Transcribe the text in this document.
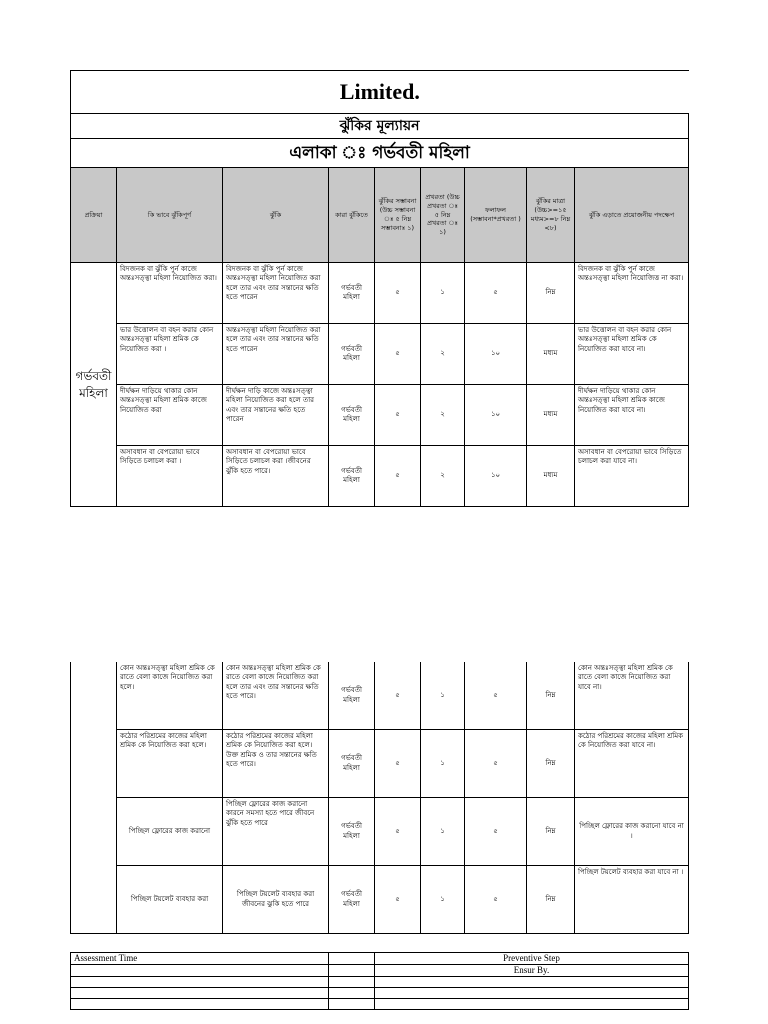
Limited.								
ঝুঁকির মূল্যায়ন								
এলাকা ঃ গর্ভবতী মহিলা								
প্রক্রিয়া	কি ভাবে ঝুঁকিপূর্ণ	ঝুঁকি	কারা ঝুঁকিতে	ঝুঁকির সম্ভাবনা (উচ্চ সম্ভাবনা ঃ ৫ নিম্ন সম্ভাবনাঃ ১)	প্রখরতা (উচ্চ প্রখরতা ঃ ৫ নিম্ন প্রখরতা ঃ ১)	ফলাফল (সম্ভাবনা*প্রখরতা )	ঝুঁকির মাত্রা (উচ্চ>=১৫ মধ্যম>=৮ নিম্ন <৮)	ঝুঁকি এড়াতে প্রয়োজনীয় পদক্ষেপ
গর্ভবতী মহিলা	বিদজনক বা ঝুঁকি পুর্ন কাজে অন্তঃসত্ত্বা মহিলা নিয়োজিত করা।	বিদজনক বা ঝুঁকি পুর্ন কাজে অন্তঃসত্ত্বা মহিলা নিয়োজিত করা হলে তার এবং তার সন্তানের ক্ষতি হতে পারেন	গর্ভবতী মহিলা	৫	১	৫	নিম্ন	বিদজনক বা ঝুঁকি পুর্ন কাজে অন্তঃসত্ত্বা মহিলা নিয়োজিত্ত না করা।
	ভার উত্তোলন বা বহন করার কোন অন্তঃসত্ত্বা মহিলা শ্রমিক কে নিয়োজিত করা ।	অন্তঃসত্ত্বা মহিলা নিয়োজিত করা হলে তার এবং তার সন্তানের ক্ষতি হতে পারেন	গর্ভবতী মহিলা	৫	২	১০	মধ্যম	ভার উত্তোলন বা বহন করার কোন অন্তঃসত্ত্বা মহিলা শ্রমিক কে নিয়োজিত করা যাবে না।
	দীর্ঘক্ষন দাড়িয়ে থাকার কোন অন্তঃসত্ত্বা মহিলা শ্রমিক কাজে নিয়োজিত করা	দীর্ঘক্ষন দাড়ি কাজে অন্তঃসত্ত্বা মহিলা নিয়োজিত করা হলে তার এবং তার সন্তানের ক্ষতি হতে পারেন	গর্ভবতী মহিলা	৫	২	১০	মধ্যম	দীর্ঘক্ষন দাড়িয়ে থাকার কোন অন্তঃসত্ত্বা মহিলা শ্রমিক কাজে নিয়োজিত করা যাবে না।
	অসাবধান বা বেপরোয়া ভাবে সিড়িতে চলাচল করা ।	অসাবধান বা বেপরোয়া ভাবে সিড়িতে চলাচল করা ।জীবনের ঝুঁকি হতে পারে।	গর্ভবতী মহিলা	৫	২	১০	মধ্যম	অসাবধান বা বেপরোয়া ভাবে সিড়িতে চলাচল করা যাবে না।
	কোন অন্তঃসত্ত্বা মহিলা শ্রমিক কে রাতে বেলা কাজে নিয়োজিত করা হলে।	কোন অন্তঃসত্ত্বা মহিলা শ্রমিক কে রাতে বেলা কাজে নিয়োজিত করা হলে তার এবং তার সন্তানের ক্ষতি হতে পারে।	গর্ভবতী মহিলা	৫	১	৫	নিম্ন	কোন অন্তঃসত্ত্বা মহিলা শ্রমিক কে রাতে বেলা কাজে নিয়োজিত করা যাবে না।
	কঠোর পরিশ্রমের কাজের মহিলা শ্রমিক কে নিয়োজিত করা হলে।	কঠোর পরিশ্রমের কাজের মহিলা শ্রমিক কে নিয়োজিত করা হলে। উক্ত শ্রমিক ও তার সন্তানের ক্ষতি হতে পারে।	গর্ভবতী মহিলা	৫	১	৫	নিম্ন	কঠোর পরিশ্রমের কাজের মহিলা শ্রমিক কে নিয়োজিত করা যাবে না।
	পিচ্ছিল ফ্লোরের কাজ করানো	পিচ্ছিল ফ্লোরের কাজ করানো কারনে সমস্যা হতে পারে জীবনে ঝুঁকি হতে পারে	গর্ভবতী মহিলা	৫	১	৫	নিম্ন	পিচ্ছিল ফ্লোরের কাজ করানো যাবে না ।
	পিচ্ছিল টয়লেট ব্যবহার করা	পিচ্ছিল টয়লেট ব্যবহার করা জীবনের ঝুকি হতে পারে	গর্ভবতী মহিলা	৫	১	৫	নিম্ন	পিচ্ছিল টয়লেট ব্যবহার করা যাবে না ।
Assessment Time		Preventive Step
		Ensur By.
